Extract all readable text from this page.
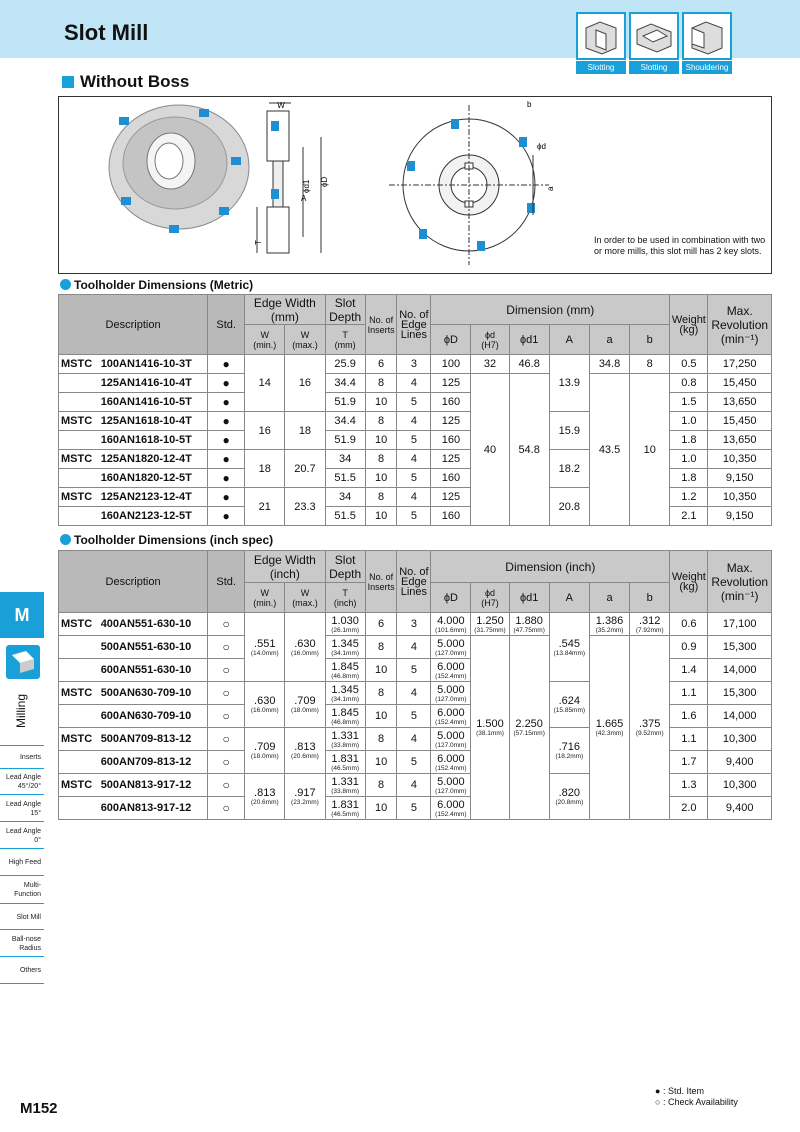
Slot Mill
Slotting	Slotting	Shouldering
Without Boss
W
A
ϕd1 ϕD
T
b
ϕd
a
In order to be used in combination with two or more mills, this slot mill has 2 key slots.
Toolholder Dimensions (Metric)
Description		Std.	Edge Width (mm)		Slot Depth	No. of Inserts	No. of Edge Lines	Dimension (mm)						Weight (kg)	Max. Revolution
(min⁻¹)
			W
(min.)	W
(max.)	T
(mm)			ϕD	ϕd
(H7)	ϕd1	A	a	b		
MSTC	100AN1416-10-3T	●	14	16	25.9	6	3	100	32	46.8	13.9	34.8	8	0.5	17,250
	125AN1416-10-4T	●			34.4	8	4	125	40	54.8		43.5	10	0.8	15,450
	160AN1416-10-5T	●			51.9	10	5	160						1.5	13,650
MSTC	125AN1618-10-4T	●	16	18	34.4	8	4	125			15.9			1.0	15,450
	160AN1618-10-5T	●			51.9	10	5	160						1.8	13,650
MSTC	125AN1820-12-4T	●	18	20.7	34	8	4	125			18.2			1.0	10,350
	160AN1820-12-5T	●			51.5	10	5	160						1.8	9,150
MSTC	125AN2123-12-4T	●	21	23.3	34	8	4	125			20.8			1.2	10,350
	160AN2123-12-5T	●			51.5	10	5	160						2.1	9,150
Toolholder Dimensions (inch spec)
Description		Std.	Edge Width (inch)		Slot Depth	No. of Inserts	No. of Edge Lines	Dimension (inch)						Weight (kg)	Max. Revolution
(min⁻¹)
			W
(min.)	W
(max.)	T
(inch)			ϕD	ϕd
(H7)	ϕd1	A	a	b		
MSTC	400AN551-630-10	○	.551
(14.0mm)	.630
(16.0mm)	1.030
(26.1mm)	6	3	4.000
(101.6mm)	1.250
(31.75mm)	1.880
(47.75mm)	.545
(13.84mm)	1.386
(35.2mm)	.312
(7.92mm)	0.6	17,100
	500AN551-630-10	○			1.345
(34.1mm)	8	4	5.000
(127.0mm)	1.500
(38.1mm)	2.250
(57.15mm)		1.665
(42.3mm)	.375
(9.52mm)	0.9	15,300
	600AN551-630-10	○			1.845
(46.8mm)	10	5	6.000
(152.4mm)						1.4	14,000
MSTC	500AN630-709-10	○	.630
(16.0mm)	.709
(18.0mm)	1.345
(34.1mm)	8	4	5.000
(127.0mm)			.624
(15.85mm)			1.1	15,300
	600AN630-709-10	○			1.845
(46.8mm)	10	5	6.000
(152.4mm)						1.6	14,000
MSTC	500AN709-813-12	○	.709
(18.0mm)	.813
(20.6mm)	1.331
(33.8mm)	8	4	5.000
(127.0mm)			.716
(18.2mm)			1.1	10,300
	600AN709-813-12	○			1.831
(46.5mm)	10	5	6.000
(152.4mm)						1.7	9,400
MSTC	500AN813-917-12	○	.813
(20.6mm)	.917
(23.2mm)	1.331
(33.8mm)	8	4	5.000
(127.0mm)			.820
(20.8mm)			1.3	10,300
	600AN813-917-12	○			1.831
(46.5mm)	10	5	6.000
(152.4mm)						2.0	9,400
M
Milling
Inserts
Lead Angle 45°/20°
Lead Angle 15°
Lead Angle 0°
High Feed
Multi-Function
Slot Mill
Ball-nose Radius
Others
M152
● : Std. Item
○ : Check Availability
